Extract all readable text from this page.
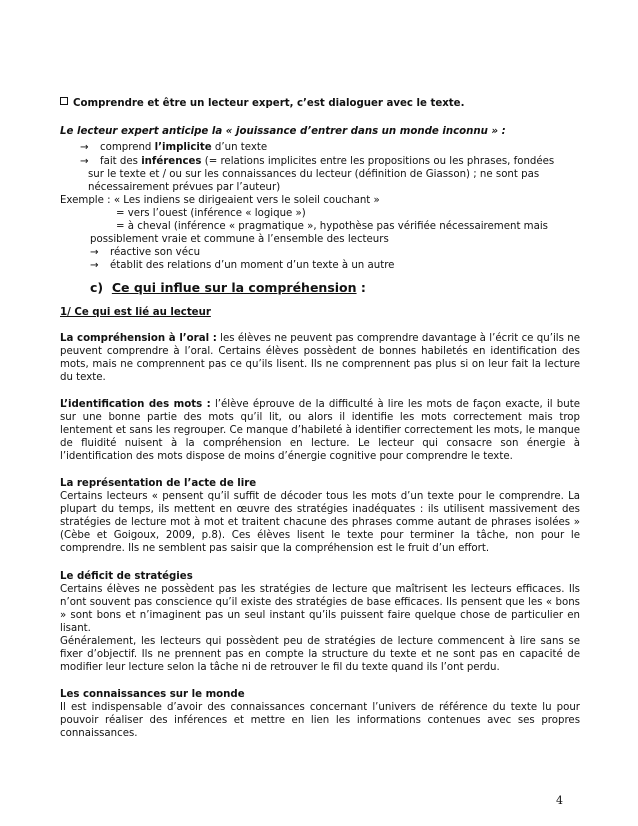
Comprendre et être un lecteur expert, c’est dialoguer avec le texte.
Le lecteur expert anticipe la « jouissance d’entrer dans un monde inconnu » :
→ comprend l’implicite d’un texte
→ fait des inférences (= relations implicites entre les propositions ou les phrases, fondées
sur le texte et / ou sur les connaissances du lecteur (définition de Giasson) ; ne sont pas
nécessairement prévues par l’auteur)
Exemple : « Les indiens se dirigeaient vers le soleil couchant »
= vers l’ouest (inférence « logique »)
= à cheval (inférence « pragmatique », hypothèse pas vérifiée nécessairement mais
possiblement vraie et commune à l’ensemble des lecteurs
→ réactive son vécu
→ établit des relations d’un moment d’un texte à un autre
c) Ce qui influe sur la compréhension :
1/ Ce qui est lié au lecteur
La compréhension à l’oral : les élèves ne peuvent pas comprendre davantage à l’écrit ce qu’ils ne peuvent comprendre à l’oral. Certains élèves possèdent de bonnes habiletés en identification des mots, mais ne comprennent pas ce qu’ils lisent. Ils ne comprennent pas plus si on leur fait la lecture du texte.
L’identification des mots : l’élève éprouve de la difficulté à lire les mots de façon exacte, il bute sur une bonne partie des mots qu’il lit, ou alors il identifie les mots correctement mais trop lentement et sans les regrouper. Ce manque d’habileté à identifier correctement les mots, le manque de fluidité nuisent à la compréhension en lecture. Le lecteur qui consacre son énergie à l’identification des mots dispose de moins d’énergie cognitive pour comprendre le texte.
La représentation de l’acte de lire
Certains lecteurs « pensent qu’il suffit de décoder tous les mots d’un texte pour le comprendre. La plupart du temps, ils mettent en œuvre des stratégies inadéquates : ils utilisent massivement des stratégies de lecture mot à mot et traitent chacune des phrases comme autant de phrases isolées » (Cèbe et Goigoux, 2009, p.8). Ces élèves lisent le texte pour terminer la tâche, non pour le comprendre. Ils ne semblent pas saisir que la compréhension est le fruit d’un effort.
Le déficit de stratégies
Certains élèves ne possèdent pas les stratégies de lecture que maîtrisent les lecteurs efficaces. Ils n’ont souvent pas conscience qu’il existe des stratégies de base efficaces. Ils pensent que les « bons » sont bons et n’imaginent pas un seul instant qu’ils puissent faire quelque chose de particulier en lisant.
Généralement, les lecteurs qui possèdent peu de stratégies de lecture commencent à lire sans se fixer d’objectif. Ils ne prennent pas en compte la structure du texte et ne sont pas en capacité de modifier leur lecture selon la tâche ni de retrouver le fil du texte quand ils l’ont perdu.
Les connaissances sur le monde
Il est indispensable d’avoir des connaissances concernant l’univers de référence du texte lu pour pouvoir réaliser des inférences et mettre en lien les informations contenues avec ses propres connaissances.
4
